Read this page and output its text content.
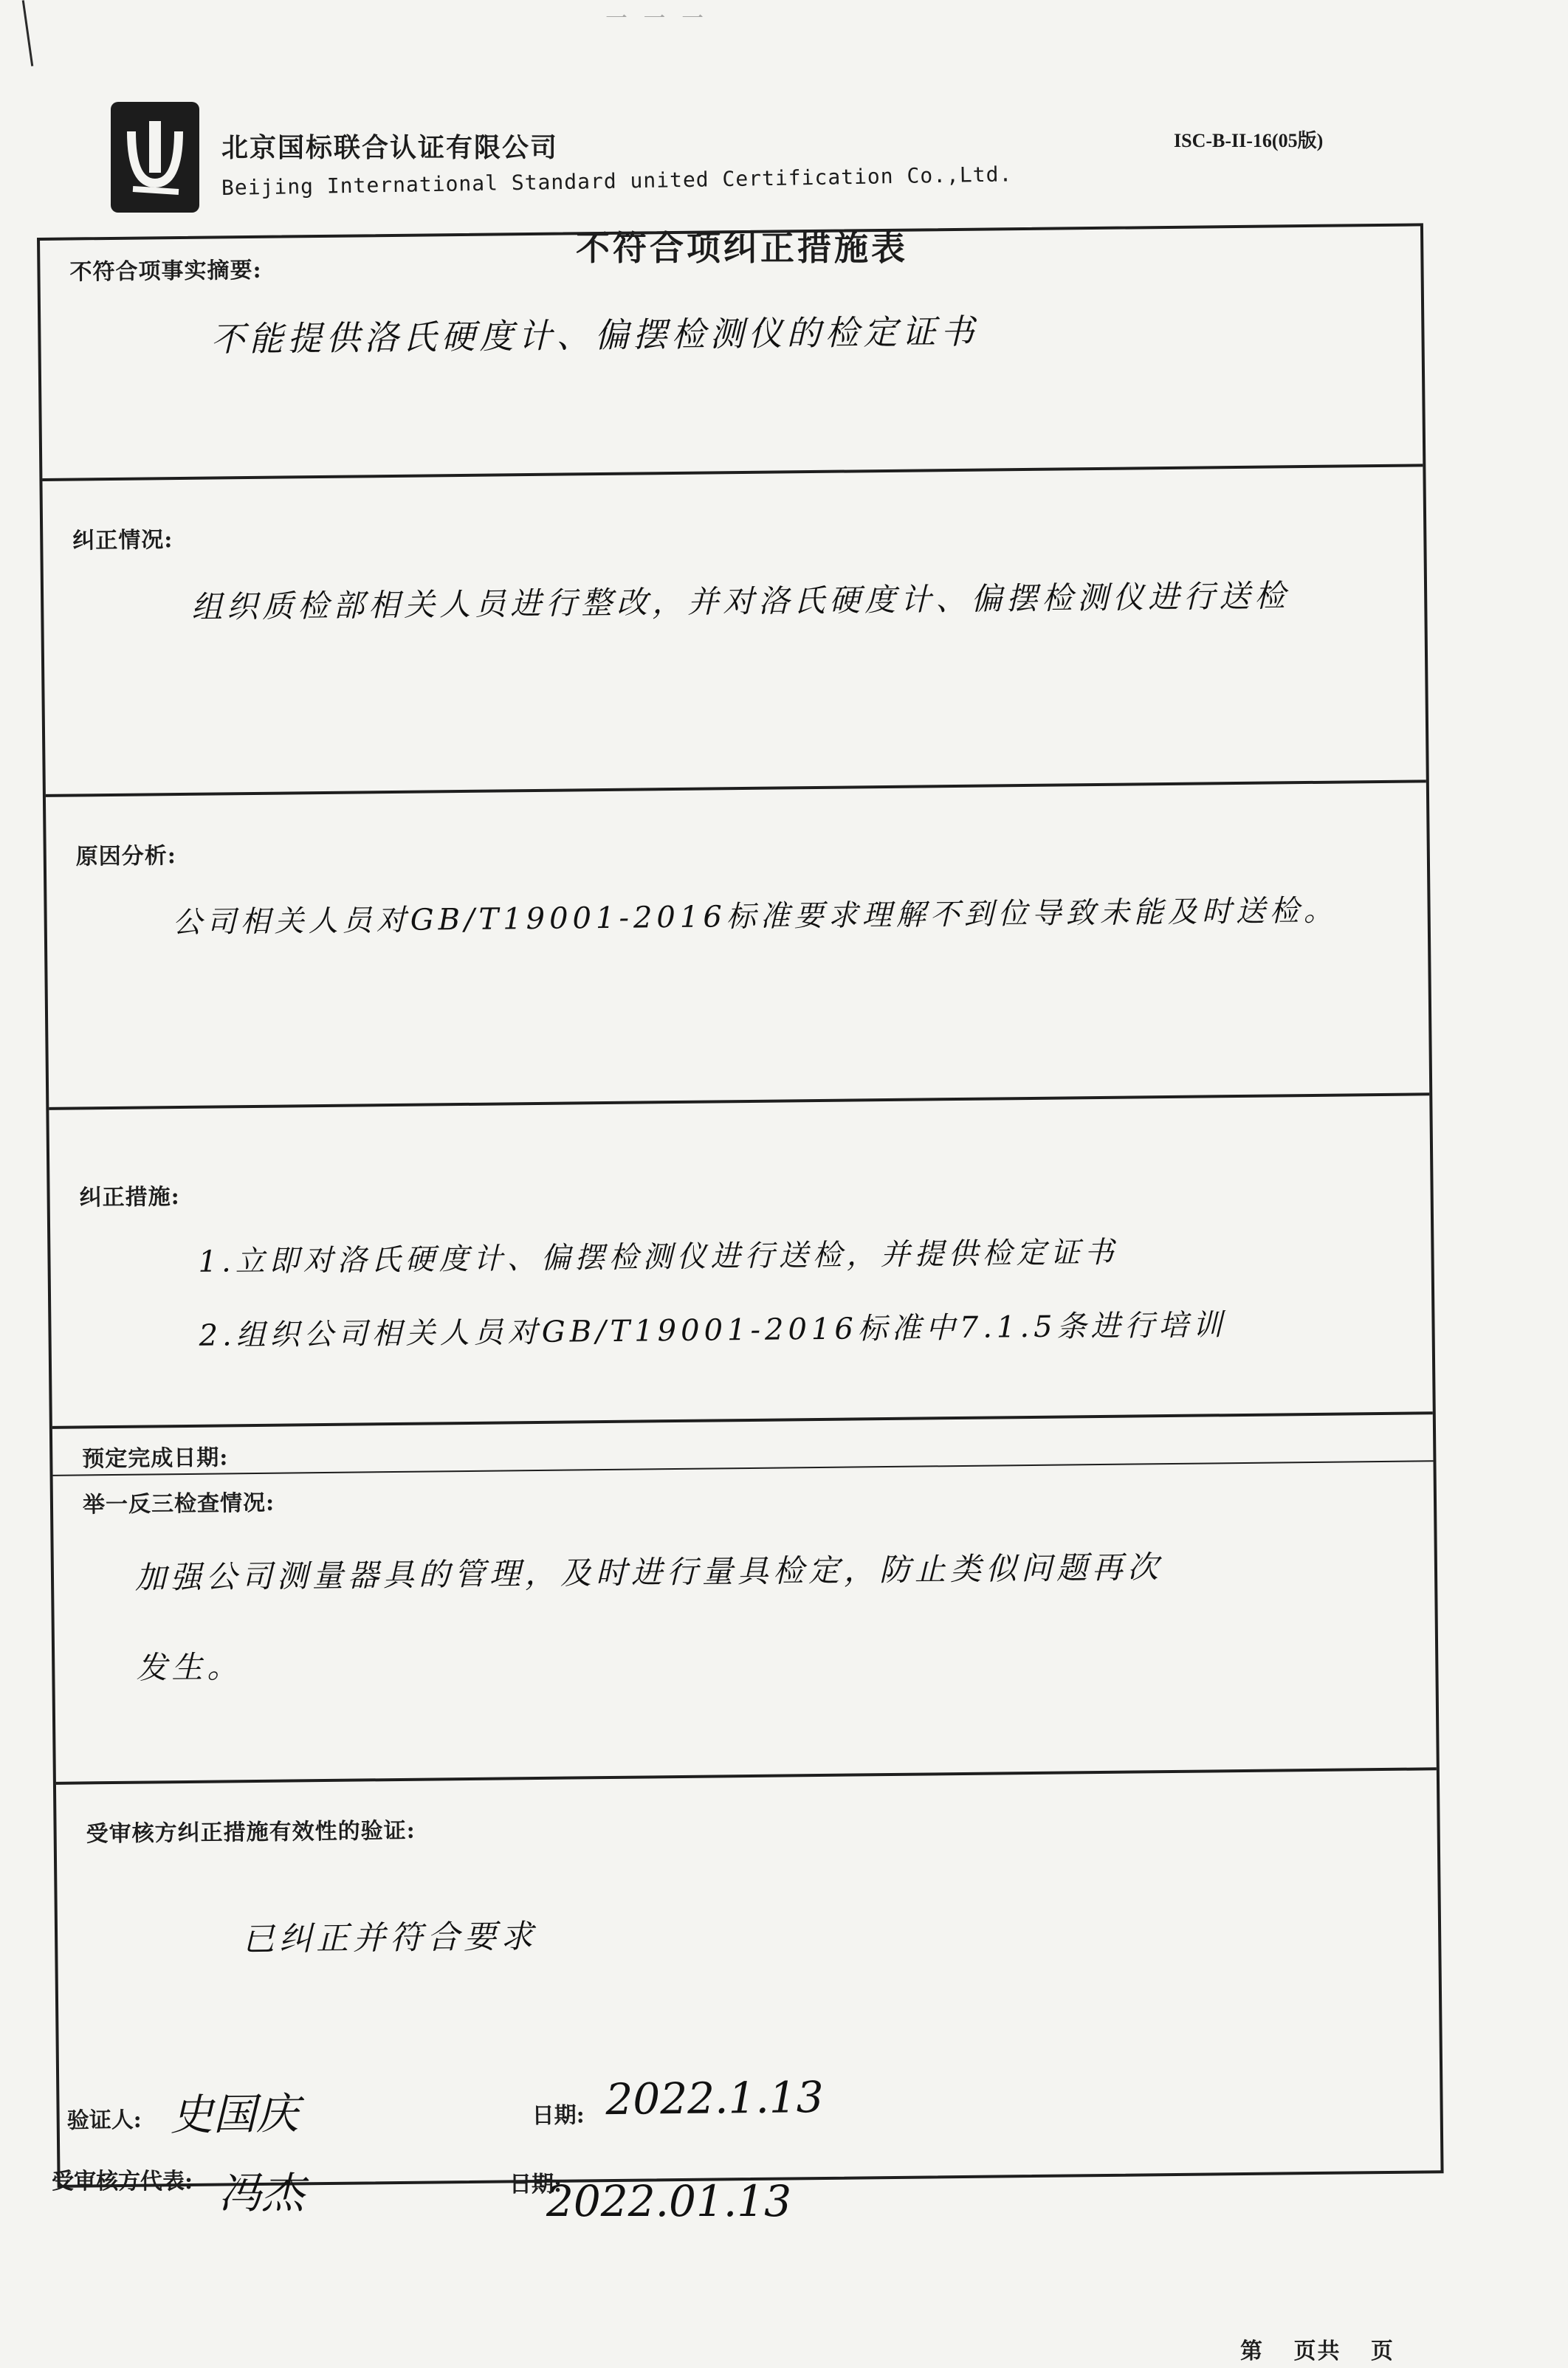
一 一 一
北京国标联合认证有限公司
Beijing International Standard united Certification Co.,Ltd.
ISC-B-II-16(05版)
不符合项纠正措施表
不符合项事实摘要:
不能提供洛氏硬度计、偏摆检测仪的检定证书
纠正情况:
组织质检部相关人员进行整改，并对洛氏硬度计、偏摆检测仪进行送检
原因分析:
公司相关人员对GB/T19001-2016标准要求理解不到位导致未能及时送检。
纠正措施:
1.立即对洛氏硬度计、偏摆检测仪进行送检，并提供检定证书
2.组织公司相关人员对GB/T19001-2016标准中7.1.5条进行培训
预定完成日期:
举一反三检查情况:
加强公司测量器具的管理，及时进行量具检定，防止类似问题再次
发生。
受审核方纠正措施有效性的验证:
已纠正并符合要求
验证人: 史国庆	日期: 2022.1.13
受审核方代表: 冯杰	日期:
2022.01.13
第 页共 页
